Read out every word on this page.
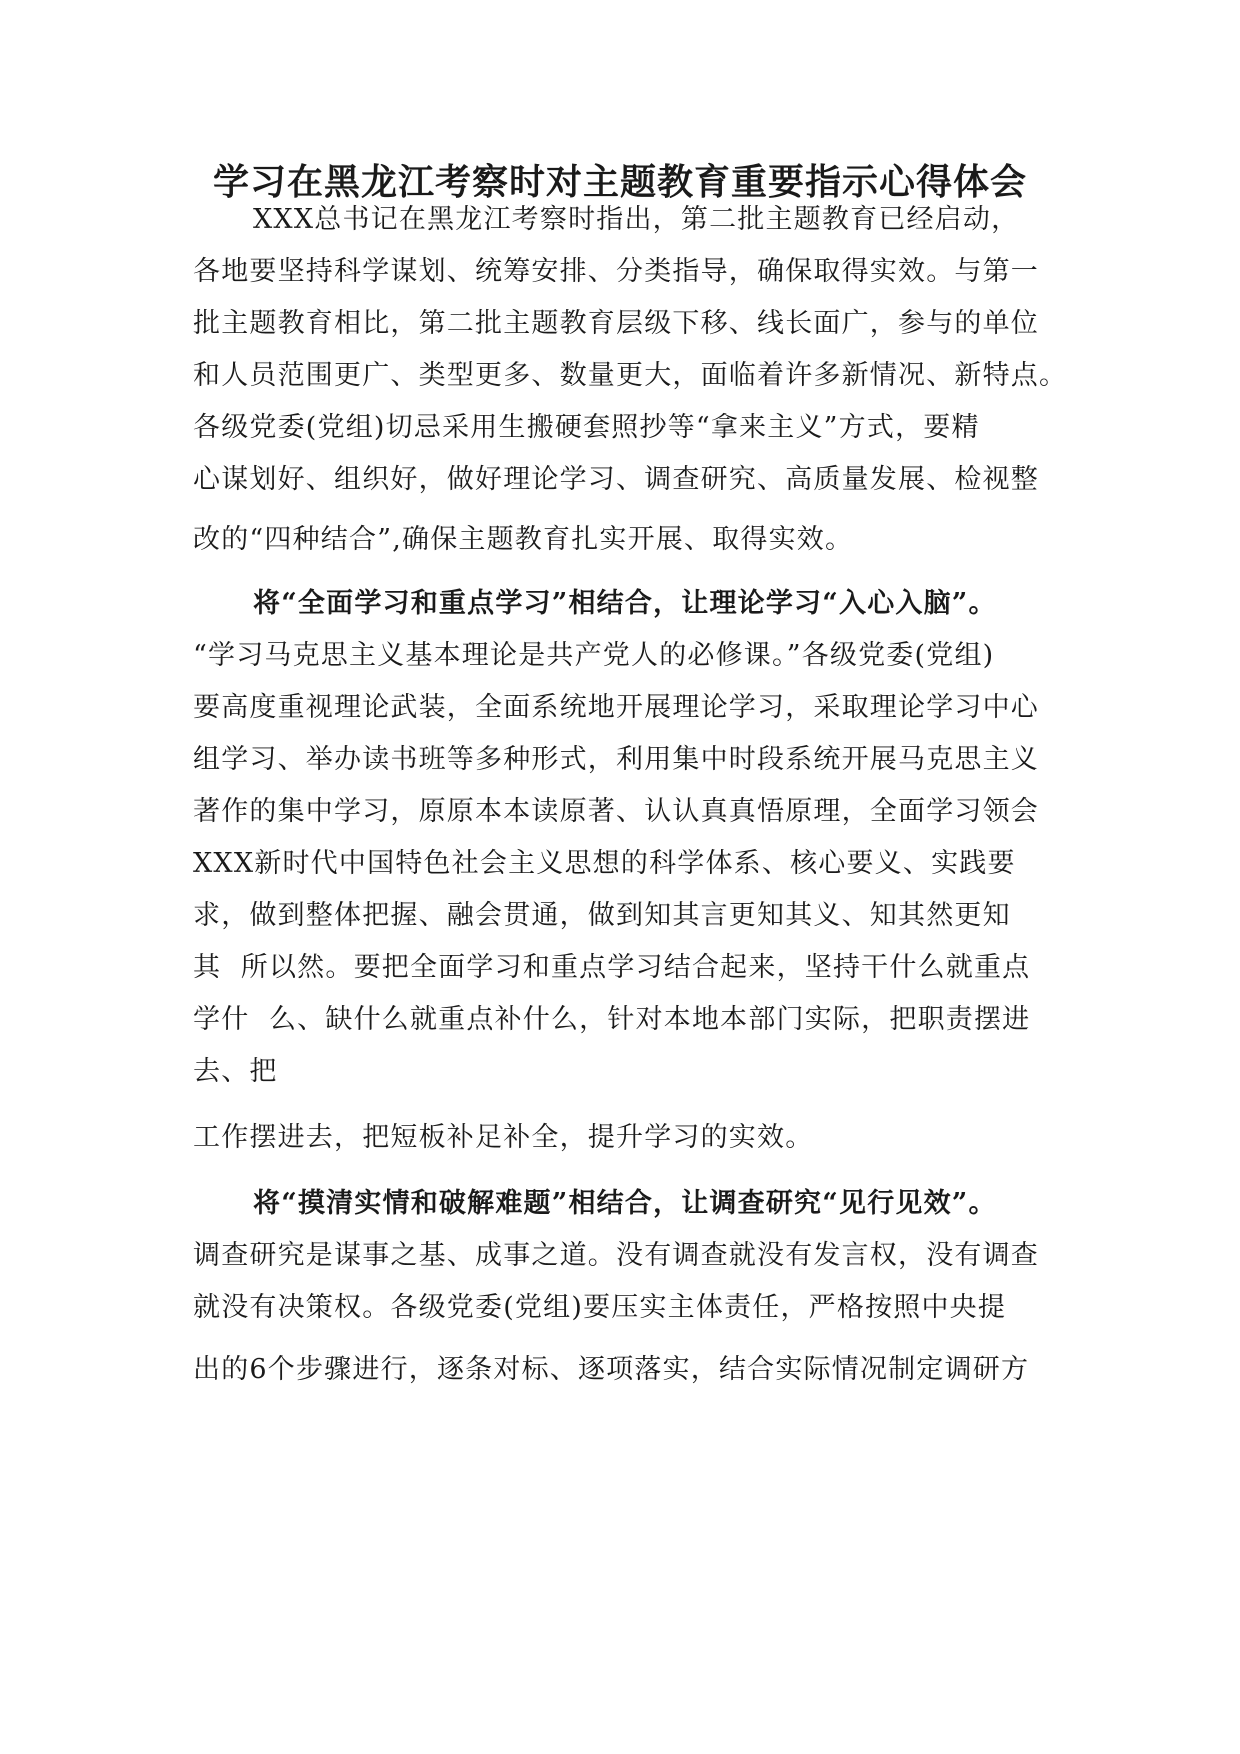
学习在黑龙江考察时对主题教育重要指示心得体会
XXX总书记在黑龙江考察时指出，第二批主题教育已经启动，
各地要坚持科学谋划、统筹安排、分类指导，确保取得实效。与第一
批主题教育相比，第二批主题教育层级下移、线长面广，参与的单位
和人员范围更广、类型更多、数量更大，面临着许多新情况、新特点。
各级党委(党组)切忌采用生搬硬套照抄等“拿来主义”方式，要精
心谋划好、组织好，做好理论学习、调查研究、高质量发展、检视整
改的“四种结合”,确保主题教育扎实开展、取得实效。
将“全面学习和重点学习”相结合，让理论学习“入心入脑”。
“学习马克思主义基本理论是共产党人的必修课。”各级党委(党组)
要高度重视理论武装，全面系统地开展理论学习，采取理论学习中心
组学习、举办读书班等多种形式，利用集中时段系统开展马克思主义
著作的集中学习，原原本本读原著、认认真真悟原理，全面学习领会
XXX新时代中国特色社会主义思想的科学体系、核心要义、实践要
求，做到整体把握、融会贯通，做到知其言更知其义、知其然更知
其  所以然。要把全面学习和重点学习结合起来，坚持干什么就重点
学什  么、缺什么就重点补什么，针对本地本部门实际，把职责摆进
去、把
工作摆进去，把短板补足补全，提升学习的实效。
将“摸清实情和破解难题”相结合，让调查研究“见行见效”。
调查研究是谋事之基、成事之道。没有调查就没有发言权，没有调查
就没有决策权。各级党委(党组)要压实主体责任，严格按照中央提
出的6个步骤进行，逐条对标、逐项落实，结合实际情况制定调研方
